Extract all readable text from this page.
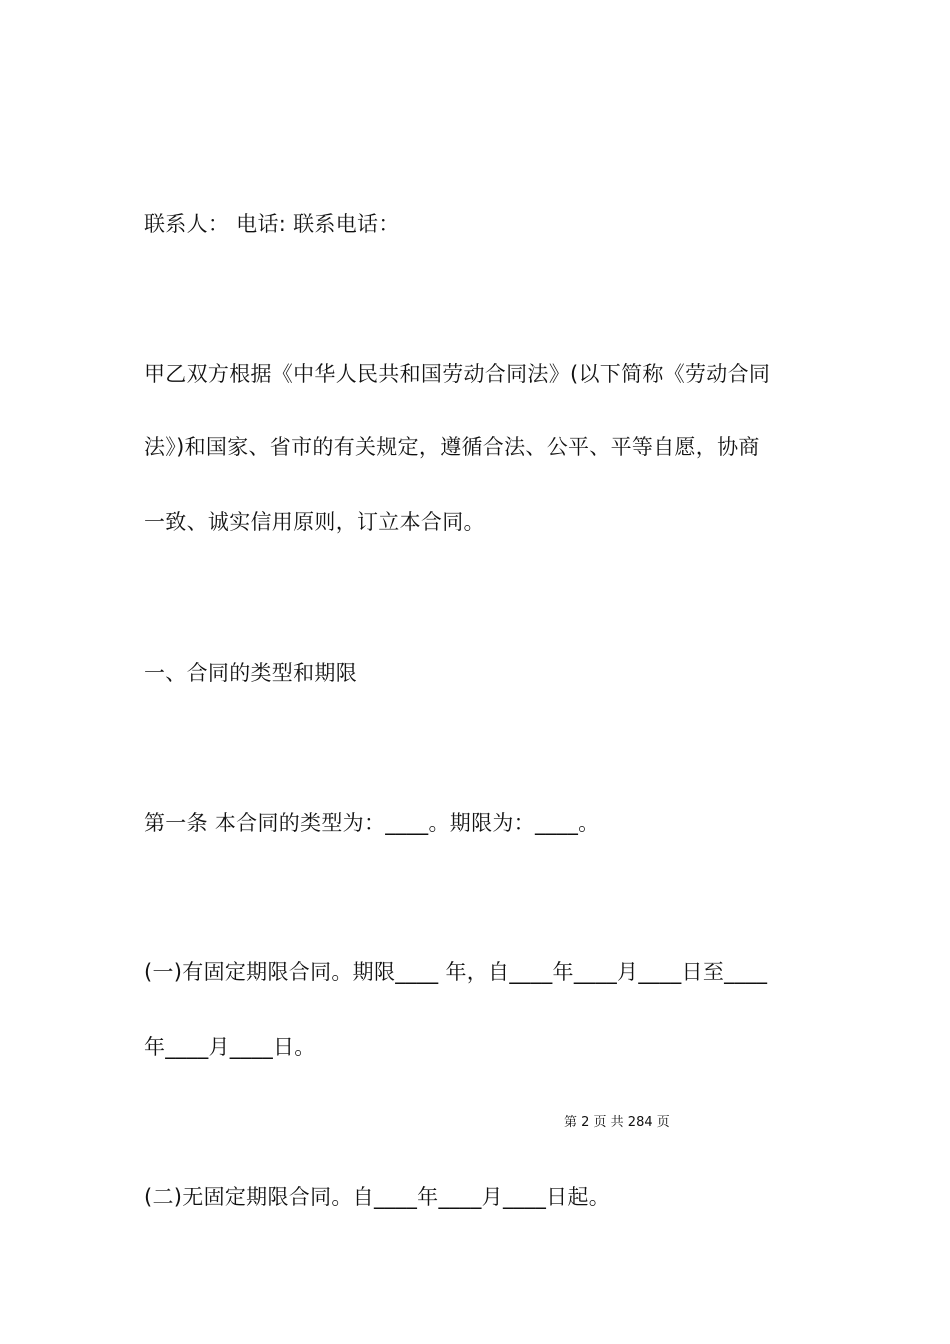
联系人： 电话: 联系电话：

甲乙双方根据《中华人民共和国劳动合同法》(以下简称《劳动合同

法》)和国家、省市的有关规定，遵循合法、公平、平等自愿，协商

一致、诚实信用原则，订立本合同。

一、合同的类型和期限

第一条 本合同的类型为：____。期限为：____。

(一)有固定期限合同。期限____ 年，自____年____月____日至____

年____月____日。

第 2 页 共 284 页

(二)无固定期限合同。自____年____月____日起。
